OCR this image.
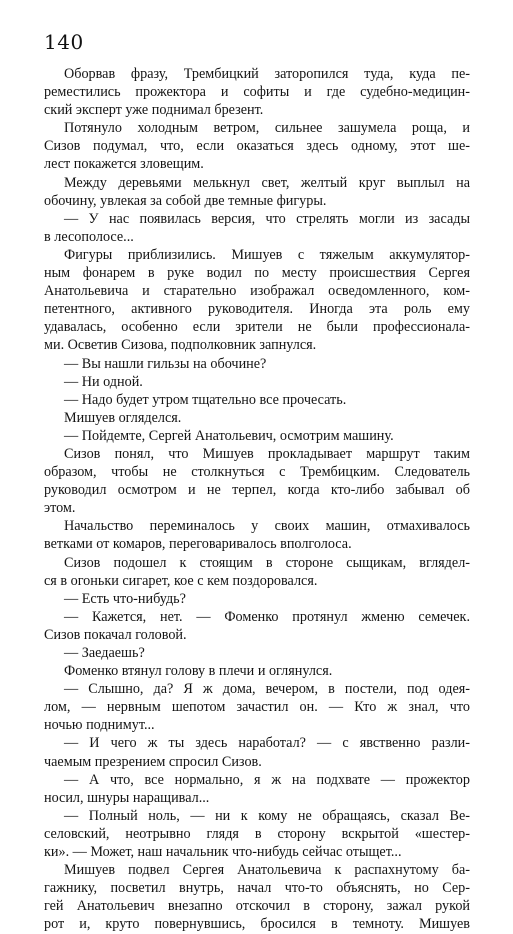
140
Оборвав фразу, Трембицкий заторопился туда, куда пе-
реместились прожектора и софиты и где судебно-медицин-
ский эксперт уже поднимал брезент.
Потянуло холодным ветром, сильнее зашумела роща, и
Сизов подумал, что, если оказаться здесь одному, этот ше-
лест покажется зловещим.
Между деревьями мелькнул свет, желтый круг выплыл на
обочину, увлекая за собой две темные фигуры.
— У нас появилась версия, что стрелять могли из засады
в лесополосе...
Фигуры приблизились. Мишуев с тяжелым аккумулятор-
ным фонарем в руке водил по месту происшествия Сергея
Анатольевича и старательно изображал осведомленного, ком-
петентного, активного руководителя. Иногда эта роль ему
удавалась, особенно если зрители не были профессионала-
ми. Осветив Сизова, подполковник запнулся.
— Вы нашли гильзы на обочине?
— Ни одной.
— Надо будет утром тщательно все прочесать.
Мишуев огляделся.
— Пойдемте, Сергей Анатольевич, осмотрим машину.
Сизов понял, что Мишуев прокладывает маршрут таким
образом, чтобы не столкнуться с Трембицким. Следователь
руководил осмотром и не терпел, когда кто-либо забывал об
этом.
Начальство переминалось у своих машин, отмахивалось
ветками от комаров, переговаривалось вполголоса.
Сизов подошел к стоящим в стороне сыщикам, вглядел-
ся в огоньки сигарет, кое с кем поздоровался.
— Есть что-нибудь?
— Кажется, нет. — Фоменко протянул жменю семечек.
Сизов покачал головой.
— Заедаешь?
Фоменко втянул голову в плечи и оглянулся.
— Слышно, да? Я ж дома, вечером, в постели, под одея-
лом, — нервным шепотом зачастил он. — Кто ж знал, что
ночью поднимут...
— И чего ж ты здесь наработал? — с явственно разли-
чаемым презрением спросил Сизов.
— А что, все нормально, я ж на подхвате — прожектор
носил, шнуры наращивал...
— Полный ноль, — ни к кому не обращаясь, сказал Ве-
селовский, неотрывно глядя в сторону вскрытой «шестер-
ки». — Может, наш начальник что-нибудь сейчас отыщет...
Мишуев подвел Сергея Анатольевича к распахнутому ба-
гажнику, посветил внутрь, начал что-то объяснять, но Сер-
гей Анатольевич внезапно отскочил в сторону, зажал рукой
рот и, круто повернувшись, бросился в темноту. Мишуев
